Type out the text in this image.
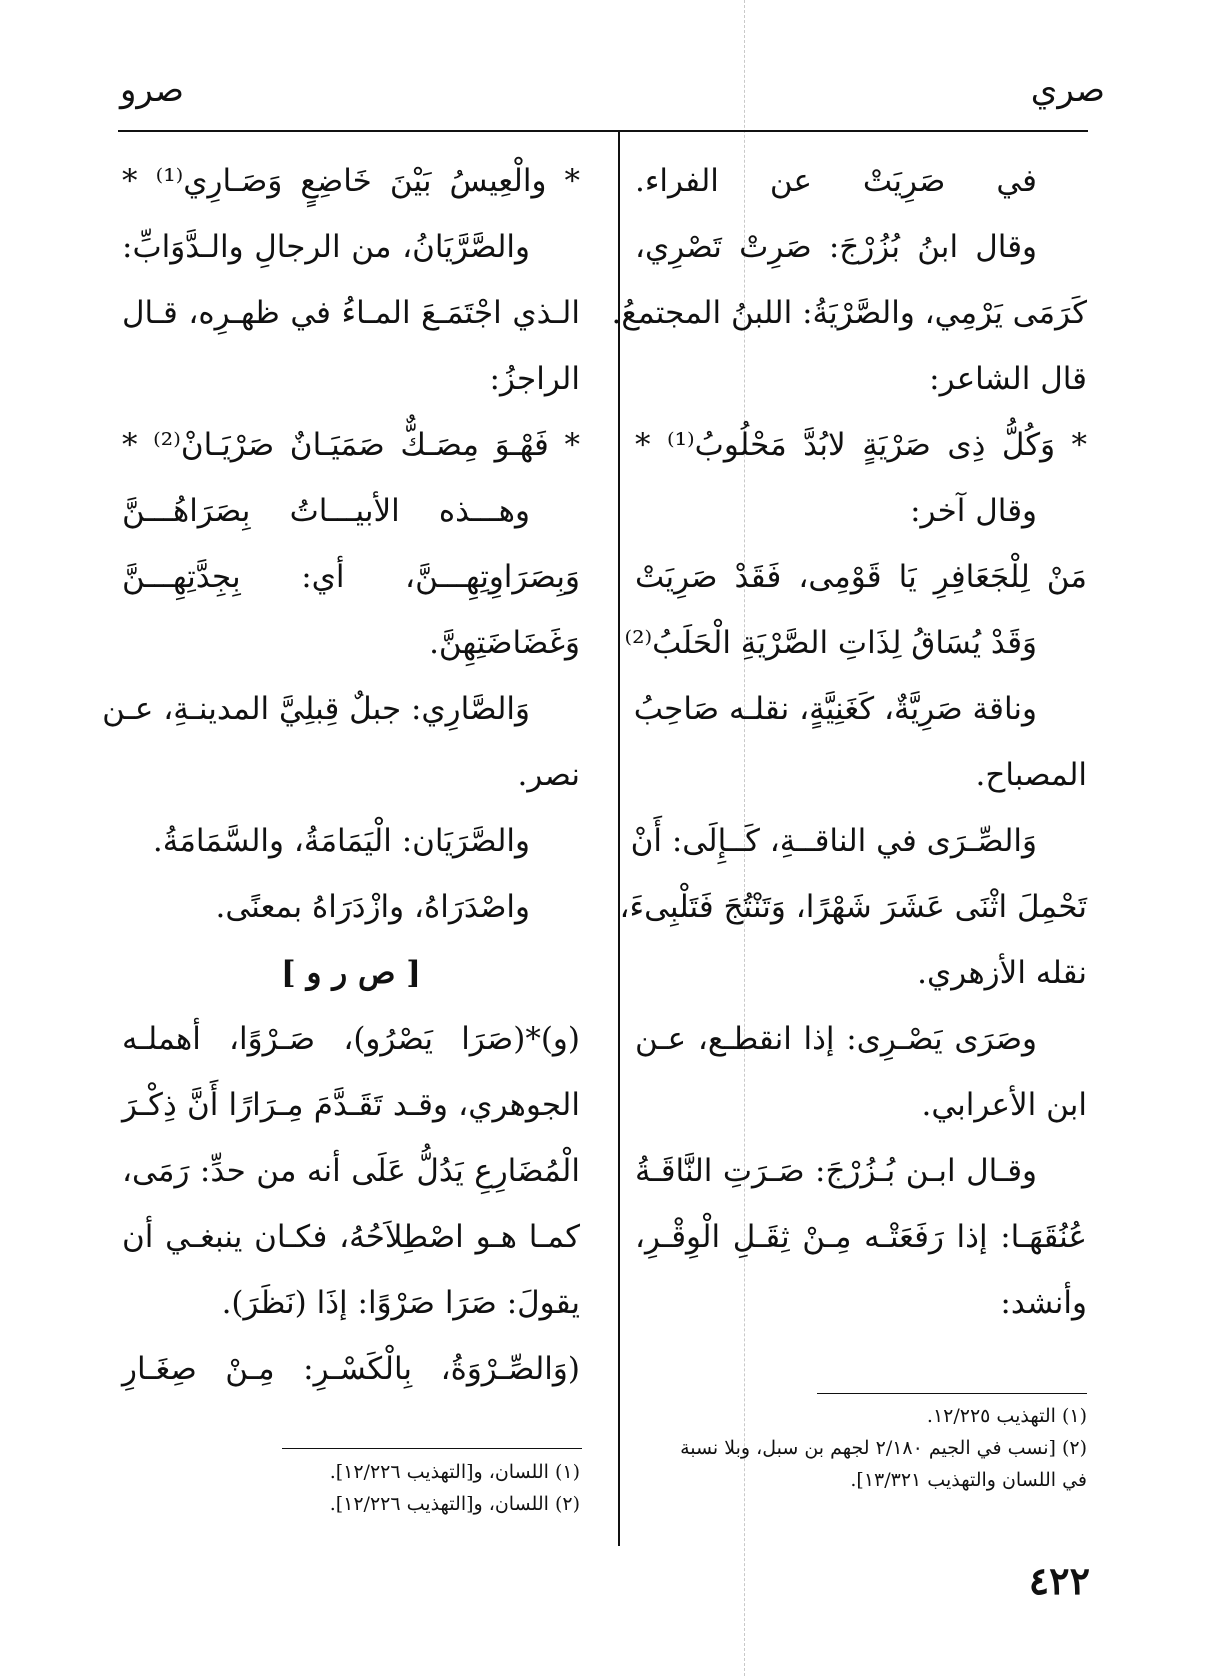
صري
صرو
في صَرِيَتْ عن الفراء.
وقال ابنُ بُزُرْجَ: صَرِتْ تَصْرِي،
كَرَمَى يَرْمِي، والصَّرْيَةُ: اللبنُ المجتمعُ.
قال الشاعر:
* وَكُلُّ ذِى صَرْيَةٍ لابُدَّ مَحْلُوبُ⁽¹⁾ *
وقال آخر:
مَنْ لِلْجَعَافِرِ يَا قَوْمِى، فَقَدْ صَرِيَتْ
وَقَدْ يُسَاقُ لِذَاتِ الصَّرْيَةِ الْحَلَبُ⁽²⁾
وناقة صَرِيَّةٌ، كَغَنِيَّةٍ، نقلـه صَاحِبُ
المصباح.
وَالصِّـرَى في الناقــةِ، كَــإِلَى: أَنْ
تَحْمِلَ اثْنَى عَشَرَ شَهْرًا، وَتَنْتُجَ فَتَلْبِىءَ،
نقله الأزهري.
وصَرَى يَصْـرِى: إذا انقطـع، عـن
ابن الأعرابي.
وقـال ابـن بُـزُرْجَ: صَـرَتِ النَّاقَـةُ
عُنُقَهَـا: إذا رَفَعَتْـه مِـنْ ثِقَـلِ الْوِقْـرِ،
وأنشد:
(١) التهذيب ١٢/٢٢٥.
(٢) [نسب في الجيم ٢/١٨٠ لجهم بن سبل، وبلا نسبة
في اللسان والتهذيب ١٣/٣٢١].
* والْعِيسُ بَيْنَ خَاضِعٍ وَصَـارِي⁽¹⁾ *
والصَّرَّيَانُ، من الرجالِ والـدَّوَابِّ:
الـذي اجْتَمَـعَ المـاءُ في ظهـرِه، قـال
الراجزُ:
* فَهْـوَ مِصَـكٌّ صَمَيَـانٌ صَرْيَـانْ⁽²⁾ *
وهـــذه الأبيـــاتُ بِصَرَاهُـــنَّ
وَبِصَرَاوِتِهِـــنَّ، أي: بِجِدَّتِهِـــنَّ
وَغَضَاضَتِهِنَّ.
وَالصَّارِي: جبلٌ قِبلِيَّ المدينـةِ، عـن
نصر.
والصَّرَيَان: الْيَمَامَةُ، والسَّمَامَةُ.
واصْدَرَاهُ، وازْدَرَاهُ بمعنًى.
[ ص ر و ]
(و)*(صَرَا يَصْرُو)، صَـرْوًا، أهملـه
الجوهري، وقـد تَقَـدَّمَ مِـرَارًا أَنَّ ذِكْـرَ
الْمُضَارِعِ يَدُلُّ عَلَى أنه من حدِّ: رَمَى،
كمـا هـو اصْطِلاَحُهُ، فكـان ينبغـي أن
يقولَ: صَرَا صَرْوًا: إذَا (نَظَرَ).
(وَالصِّـرْوَةُ، بِالْكَسْـرِ: مِـنْ صِغَـارِ
(١) اللسان، و[التهذيب ١٢/٢٢٦].
(٢) اللسان، و[التهذيب ١٢/٢٢٦].
٤٢٢
